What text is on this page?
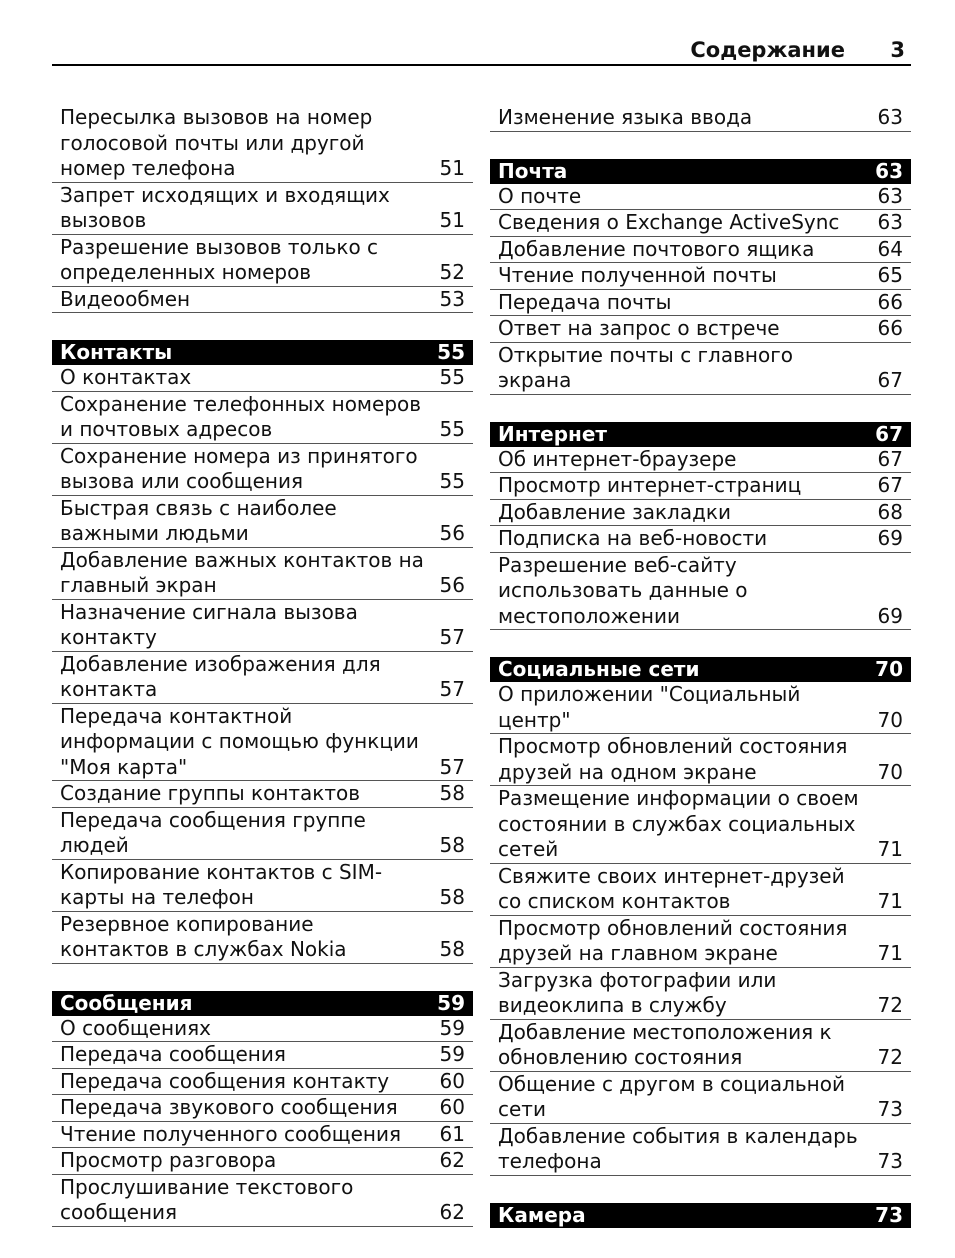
Содержание 3
Пересылка вызовов на номер голосовой почты или другой номер телефона	51
Запрет исходящих и входящих вызовов	51
Разрешение вызовов только с определенных номеров	52
Видеообмен	53
Контакты	55
О контактах	55
Сохранение телефонных номеров и почтовых адресов	55
Сохранение номера из принятого вызова или сообщения	55
Быстрая связь с наиболее важными людьми	56
Добавление важных контактов на главный экран	56
Назначение сигнала вызова контакту	57
Добавление изображения для контакта	57
Передача контактной информации с помощью функции "Моя карта"	57
Создание группы контактов	58
Передача сообщения группе людей	58
Копирование контактов с SIM-карты на телефон	58
Резервное копирование контактов в службах Nokia	58
Сообщения	59
О сообщениях	59
Передача сообщения	59
Передача сообщения контакту	60
Передача звукового сообщения 60
Чтение полученного сообщения 61
Просмотр разговора	62
Прослушивание текстового сообщения	62
Изменение языка ввода	63
Почта	63
О почте	63
Сведения о Exchange ActiveSync 63
Добавление почтового ящика	64
Чтение полученной почты	65
Передача почты	66
Ответ на запрос о встрече	66
Открытие почты с главного экрана	67
Интернет	67
Об интернет-браузере	67
Просмотр интернет-страниц	67
Добавление закладки	68
Подписка на веб-новости	69
Разрешение веб-сайту использовать данные о местоположении	69
Социальные сети	70
О приложении "Социальный центр"	70
Просмотр обновлений состояния друзей на одном экране	70
Размещение информации о своем состоянии в службах социальных сетей	71
Свяжите своих интернет-друзей со списком контактов	71
Просмотр обновлений состояния друзей на главном экране	71
Загрузка фотографии или видеоклипа в службу	72
Добавление местоположения к обновлению состояния	72
Общение с другом в социальной сети	73
Добавление события в календарь телефона	73
Камера	73
